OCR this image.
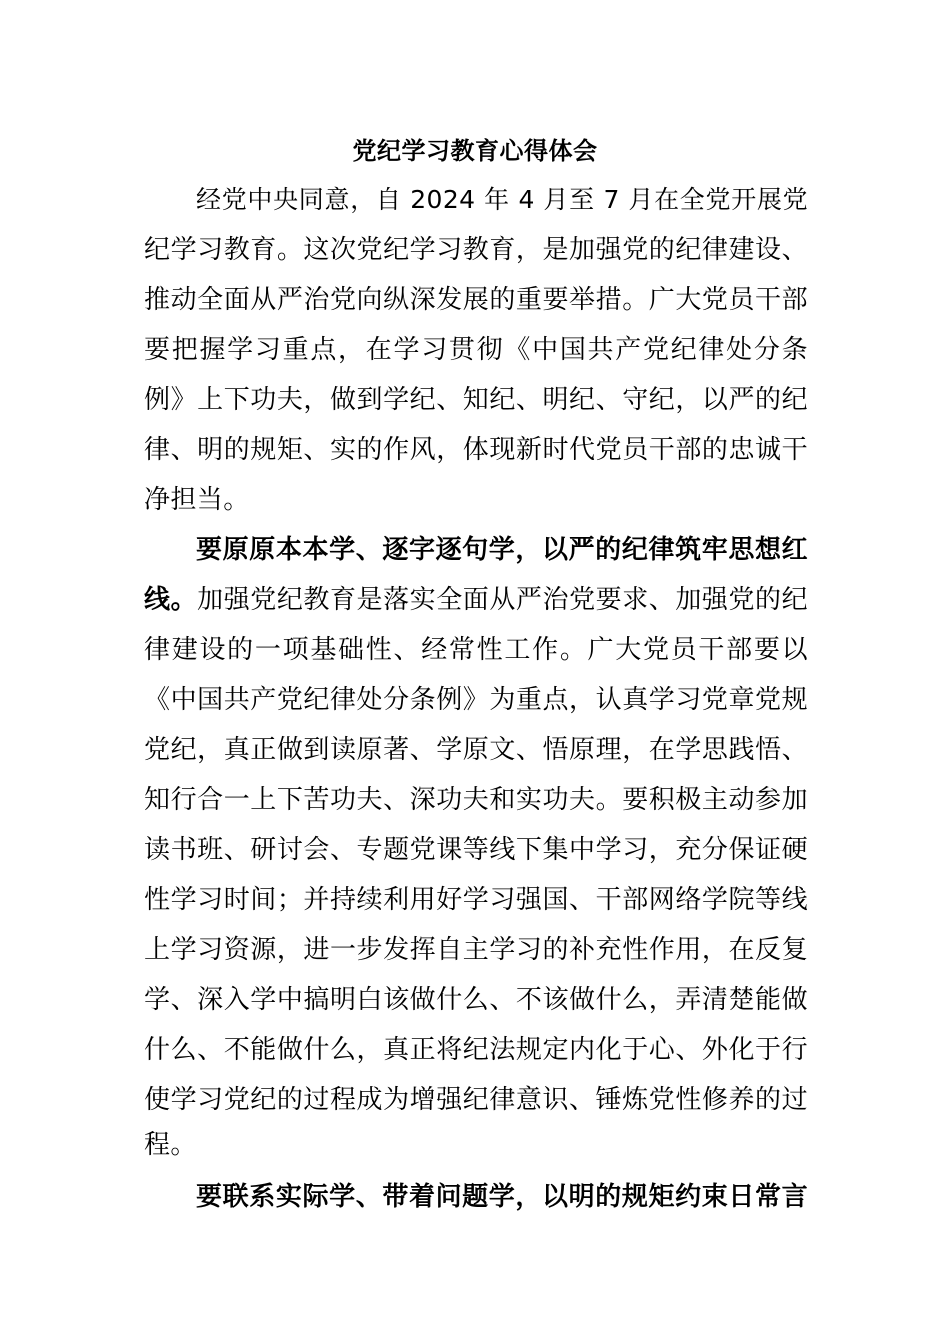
党纪学习教育心得体会
经党中央同意，自 2024 年 4 月至 7 月在全党开展党
纪学习教育。这次党纪学习教育，是加强党的纪律建设、
推动全面从严治党向纵深发展的重要举措。广大党员干部
要把握学习重点，在学习贯彻《中国共产党纪律处分条
例》上下功夫，做到学纪、知纪、明纪、守纪，以严的纪
律、明的规矩、实的作风，体现新时代党员干部的忠诚干
净担当。
要原原本本学、逐字逐句学，以严的纪律筑牢思想红
线。加强党纪教育是落实全面从严治党要求、加强党的纪
律建设的一项基础性、经常性工作。广大党员干部要以
《中国共产党纪律处分条例》为重点，认真学习党章党规
党纪，真正做到读原著、学原文、悟原理，在学思践悟、
知行合一上下苦功夫、深功夫和实功夫。要积极主动参加
读书班、研讨会、专题党课等线下集中学习，充分保证硬
性学习时间；并持续利用好学习强国、干部网络学院等线
上学习资源，进一步发挥自主学习的补充性作用，在反复
学、深入学中搞明白该做什么、不该做什么，弄清楚能做
什么、不能做什么，真正将纪法规定内化于心、外化于行
使学习党纪的过程成为增强纪律意识、锤炼党性修养的过
程。
要联系实际学、带着问题学，以明的规矩约束日常言
